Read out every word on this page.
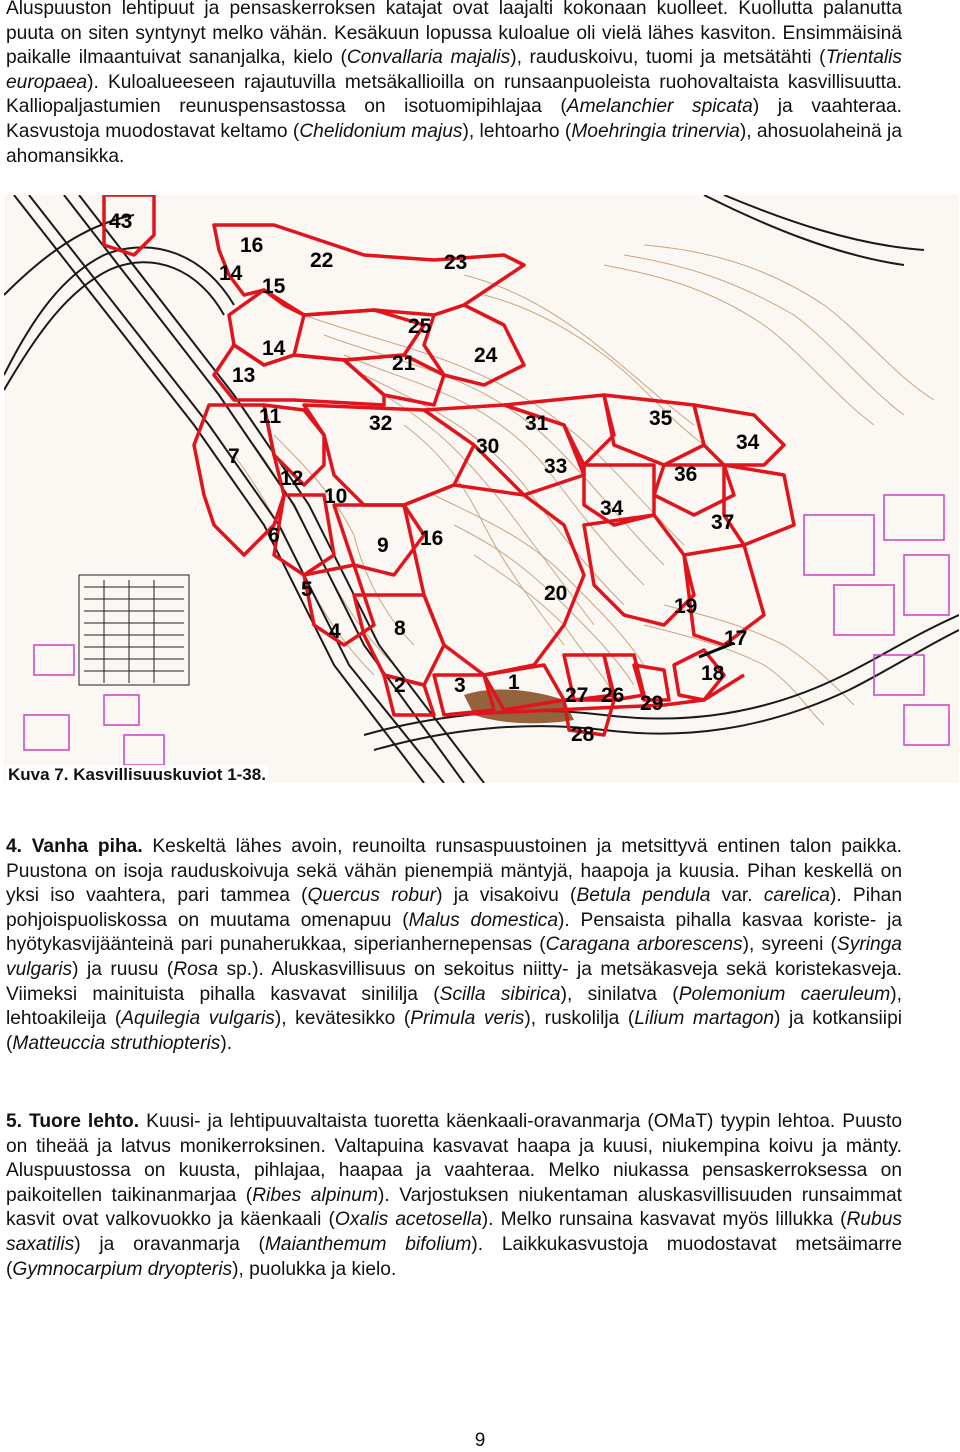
Aluspuuston lehtipuut ja pensaskerroksen katajat ovat laajalti kokonaan kuolleet. Kuollutta palanutta puuta on siten syntynyt melko vähän. Kesäkuun lopussa kuloalue oli vielä lähes kasviton. Ensimmäisinä paikalle ilmaantuivat sananjalka, kielo (Convallaria majalis), rauduskoivu, tuomi ja metsätähti (Trientalis europaea). Kuloalueeseen rajautuvilla metsäkallioilla on runsaanpuoleista ruohovaltaista kasvillisuutta. Kalliopaljastumien reunuspensastossa on isotuomipihlajaa (Amelanchier spicata) ja vaahteraa. Kasvustoja muodostavat keltamo (Chelidonium majus), lehtoarho (Moehringia trinervia), ahosuolaheinä ja ahomansikka.
43
16
14
15
22	23
25
14	24
13
21
11	32	31	35
30	34
33	36
7
12
10
34
37
6	9 16
5	20
19
4	8	17
2 3 1
27 26 29
18
28
Kuva 7. Kasvillisuuskuviot 1-38.
4. Vanha piha. Keskeltä lähes avoin, reunoilta runsaspuustoinen ja metsittyvä entinen talon paikka. Puustona on isoja rauduskoivuja sekä vähän pienempiä mäntyjä, haapoja ja kuusia. Pihan keskellä on yksi iso vaahtera, pari tammea (Quercus robur) ja visakoivu (Betula pendula var. carelica). Pihan pohjoispuoliskossa on muutama omenapuu (Malus domestica). Pensaista pihalla kasvaa koriste- ja hyötykasvijäänteinä pari punaherukkaa, siperianhernepensas (Caragana arborescens), syreeni (Syringa vulgaris) ja ruusu (Rosa sp.). Aluskasvillisuus on sekoitus niitty- ja metsäkasveja sekä koristekasveja. Viimeksi mainituista pihalla kasvavat sinililja (Scilla sibirica), sinilatva (Polemonium caeruleum), lehtoakileija (Aquilegia vulgaris), kevätesikko (Primula veris), ruskolilja (Lilium martagon) ja kotkansiipi (Matteuccia struthiopteris).
5. Tuore lehto. Kuusi- ja lehtipuuvaltaista tuoretta käenkaali-oravanmarja (OMaT) tyypin lehtoa. Puusto on tiheää ja latvus monikerroksinen. Valtapuina kasvavat haapa ja kuusi, niukempina koivu ja mänty. Aluspuustossa on kuusta, pihlajaa, haapaa ja vaahteraa. Melko niukassa pensaskerroksessa on paikoitellen taikinanmarjaa (Ribes alpinum). Varjostuksen niukentaman aluskasvillisuuden runsaimmat kasvit ovat valkovuokko ja käenkaali (Oxalis acetosella). Melko runsaina kasvavat myös lillukka (Rubus saxatilis) ja oravanmarja (Maianthemum bifolium). Laikkukasvustoja muodostavat metsäimarre (Gymnocarpium dryopteris), puolukka ja kielo.
9
